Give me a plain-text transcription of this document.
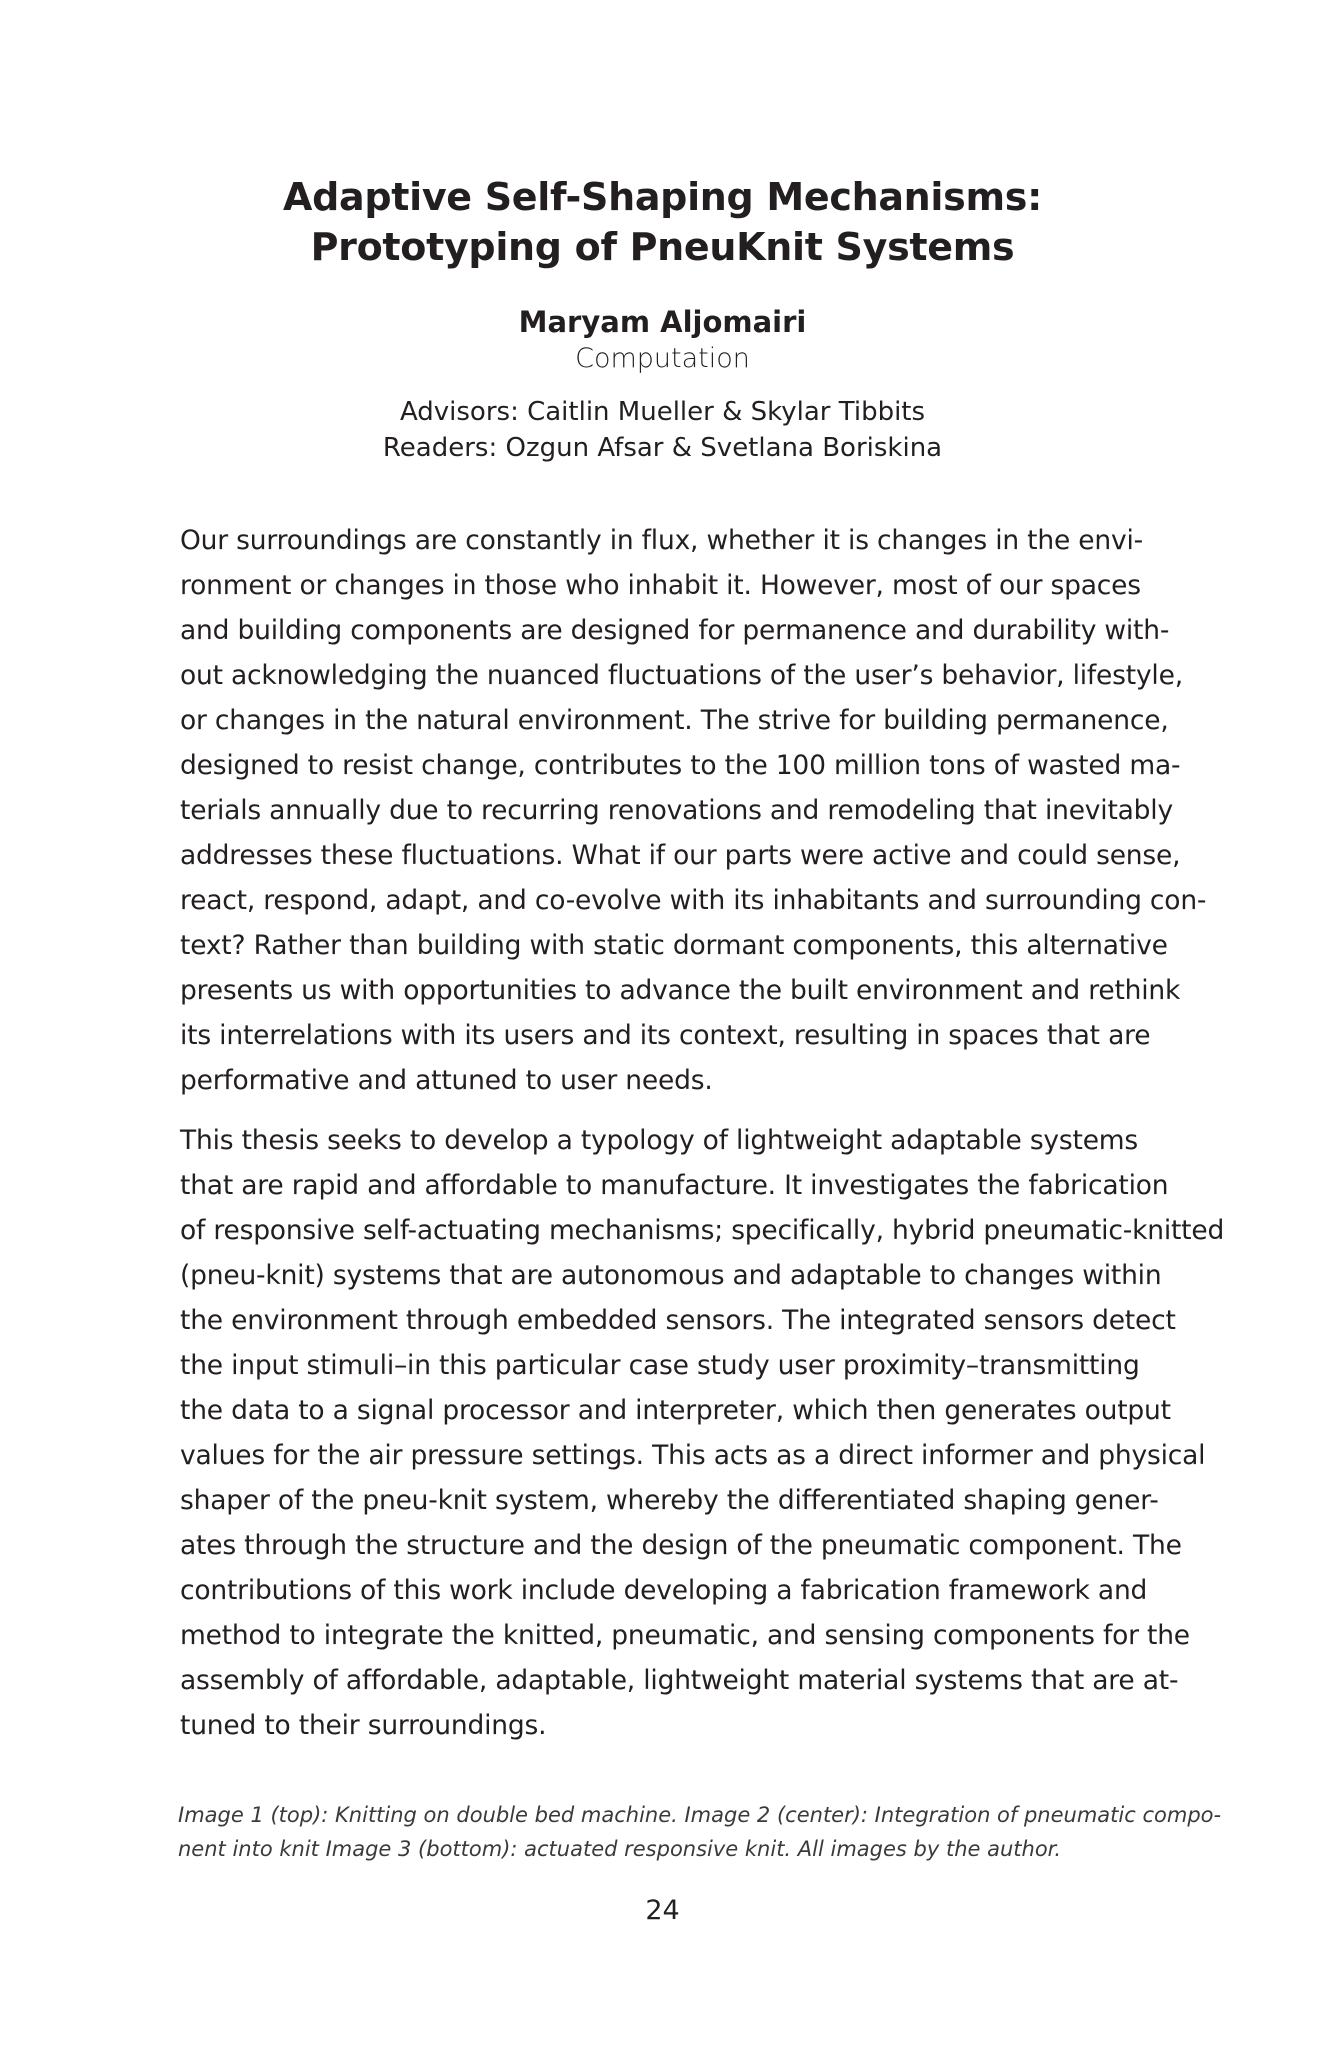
Adaptive Self-Shaping Mechanisms:

Prototyping of PneuKnit Systems

Maryam Aljomairi
Computation
Advisors: Caitlin Mueller & Skylar Tibbits
Readers: Ozgun Afsar & Svetlana Boriskina
Our surroundings are constantly in flux, whether it is changes in the envi-
ronment or changes in those who inhabit it. However, most of our spaces
and building components are designed for permanence and durability with-
out acknowledging the nuanced fluctuations of the user’s behavior, lifestyle,
or changes in the natural environment. The strive for building permanence,
designed to resist change, contributes to the 100 million tons of wasted ma-
terials annually due to recurring renovations and remodeling that inevitably
addresses these fluctuations. What if our parts were active and could sense,
react, respond, adapt, and co-evolve with its inhabitants and surrounding con-
text? Rather than building with static dormant components, this alternative
presents us with opportunities to advance the built environment and rethink
its interrelations with its users and its context, resulting in spaces that are
performative and attuned to user needs.
This thesis seeks to develop a typology of lightweight adaptable systems
that are rapid and affordable to manufacture. It investigates the fabrication
of responsive self-actuating mechanisms; specifically, hybrid pneumatic-knitted
(pneu-knit) systems that are autonomous and adaptable to changes within
the environment through embedded sensors. The integrated sensors detect
the input stimuli–in this particular case study user proximity–transmitting
the data to a signal processor and interpreter, which then generates output
values for the air pressure settings. This acts as a direct informer and physical
shaper of the pneu-knit system, whereby the differentiated shaping gener-
ates through the structure and the design of the pneumatic component. The
contributions of this work include developing a fabrication framework and
method to integrate the knitted, pneumatic, and sensing components for the
assembly of affordable, adaptable, lightweight material systems that are at-
tuned to their surroundings.
Image 1 (top): Knitting on double bed machine. Image 2 (center): Integration of pneumatic compo-
nent into knit Image 3 (bottom): actuated responsive knit. All images by the author.
24
